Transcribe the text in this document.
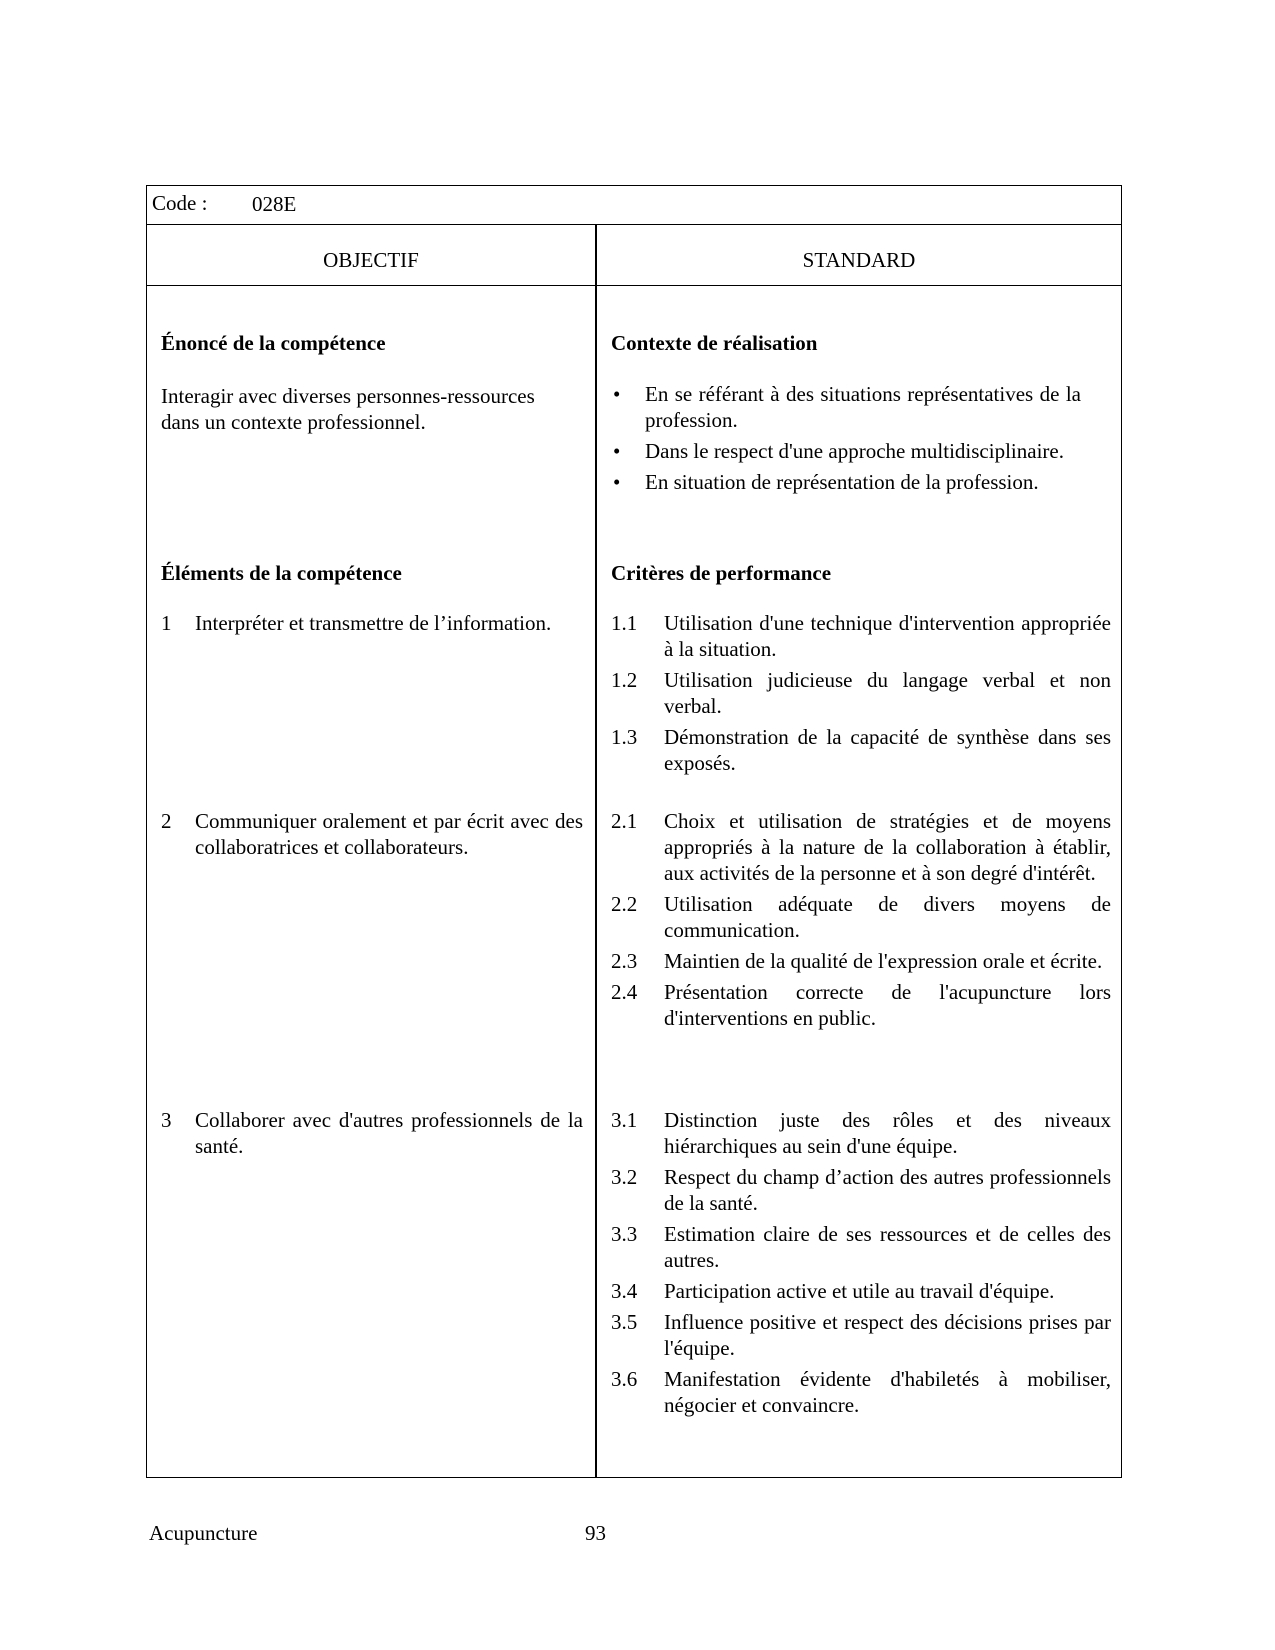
Code : 028E
OBJECTIF	STANDARD
Énoncé de la compétence
Interagir avec diverses personnes-ressources dans un contexte professionnel.
Éléments de la compétence
1 Interpréter et transmettre de l’information.
2 Communiquer oralement et par écrit avec des collaboratrices et collaborateurs.
3 Collaborer avec d'autres professionnels de la santé.
Contexte de réalisation
• En se référant à des situations représentatives de la profession.
• Dans le respect d'une approche multidisciplinaire.
• En situation de représentation de la profession.
Critères de performance
1.1 Utilisation d'une technique d'intervention appropriée à la situation.
1.2 Utilisation judicieuse du langage verbal et non verbal.
1.3 Démonstration de la capacité de synthèse dans ses exposés.
2.1 Choix et utilisation de stratégies et de moyens appropriés à la nature de la collaboration à établir, aux activités de la personne et à son degré d'intérêt.
2.2 Utilisation adéquate de divers moyens de communication.
2.3 Maintien de la qualité de l'expression orale et écrite.
2.4 Présentation correcte de l'acupuncture lors d'interventions en public.
3.1 Distinction juste des rôles et des niveaux hiérarchiques au sein d'une équipe.
3.2 Respect du champ d’action des autres professionnels de la santé.
3.3 Estimation claire de ses ressources et de celles des autres.
3.4 Participation active et utile au travail d'équipe.
3.5 Influence positive et respect des décisions prises par l'équipe.
3.6 Manifestation évidente d'habiletés à mobiliser, négocier et convaincre.
Acupuncture	93
